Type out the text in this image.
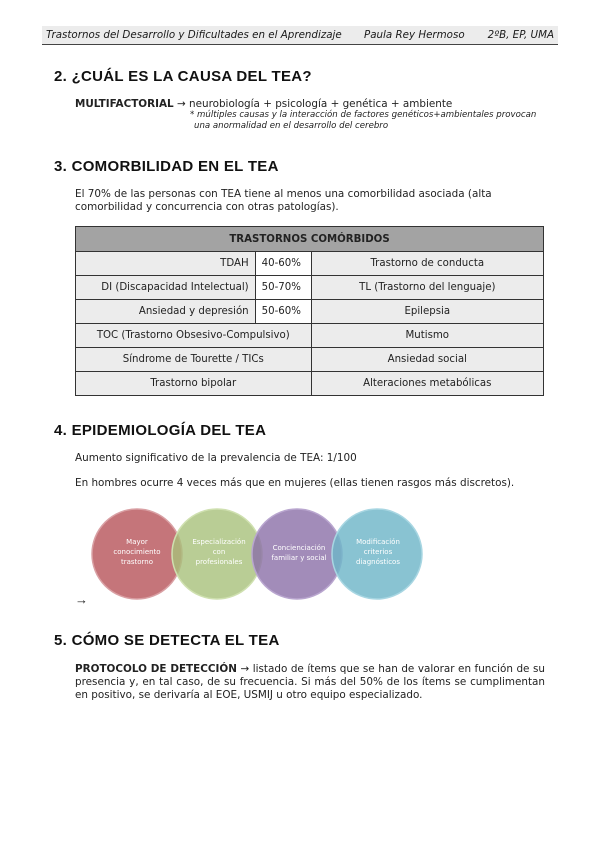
Trastornos del Desarrollo y Dificultades en el Aprendizaje Paula Rey Hermoso 2ºB, EP, UMA
2. ¿CUÁL ES LA CAUSA DEL TEA?
MULTIFACTORIAL → neurobiología + psicología + genética + ambiente
* múltiples causas y la interacción de factores genéticos+ambientales provocan
una anormalidad en el desarrollo del cerebro
3. COMORBILIDAD EN EL TEA
El 70% de las personas con TEA tiene al menos una comorbilidad asociada (alta comorbilidad y concurrencia con otras patologías).
TRASTORNOS COMÓRBIDOS		
TDAH	40-60%	Trastorno de conducta
DI (Discapacidad Intelectual)	50-70%	TL (Trastorno del lenguaje)
Ansiedad y depresión	50-60%	Epilepsia
TOC (Trastorno Obsesivo-Compulsivo)		Mutismo
Síndrome de Tourette / TICs		Ansiedad social
Trastorno bipolar		Alteraciones metabólicas
4. EPIDEMIOLOGÍA DEL TEA
Aumento significativo de la prevalencia de TEA: 1/100
En hombres ocurre 4 veces más que en mujeres (ellas tienen rasgos más discretos).
Mayor
conocimiento
trastorno
Especialización
con
profesionales
Concienciación
familiar y social
Modificación
criterios
diagnósticos
→
5. CÓMO SE DETECTA EL TEA
PROTOCOLO DE DETECCIÓN → listado de ítems que se han de valorar en función de su presencia y, en tal caso, de su frecuencia. Si más del 50% de los ítems se cumplimentan en positivo, se derivaría al EOE, USMIJ u otro equipo especializado.
